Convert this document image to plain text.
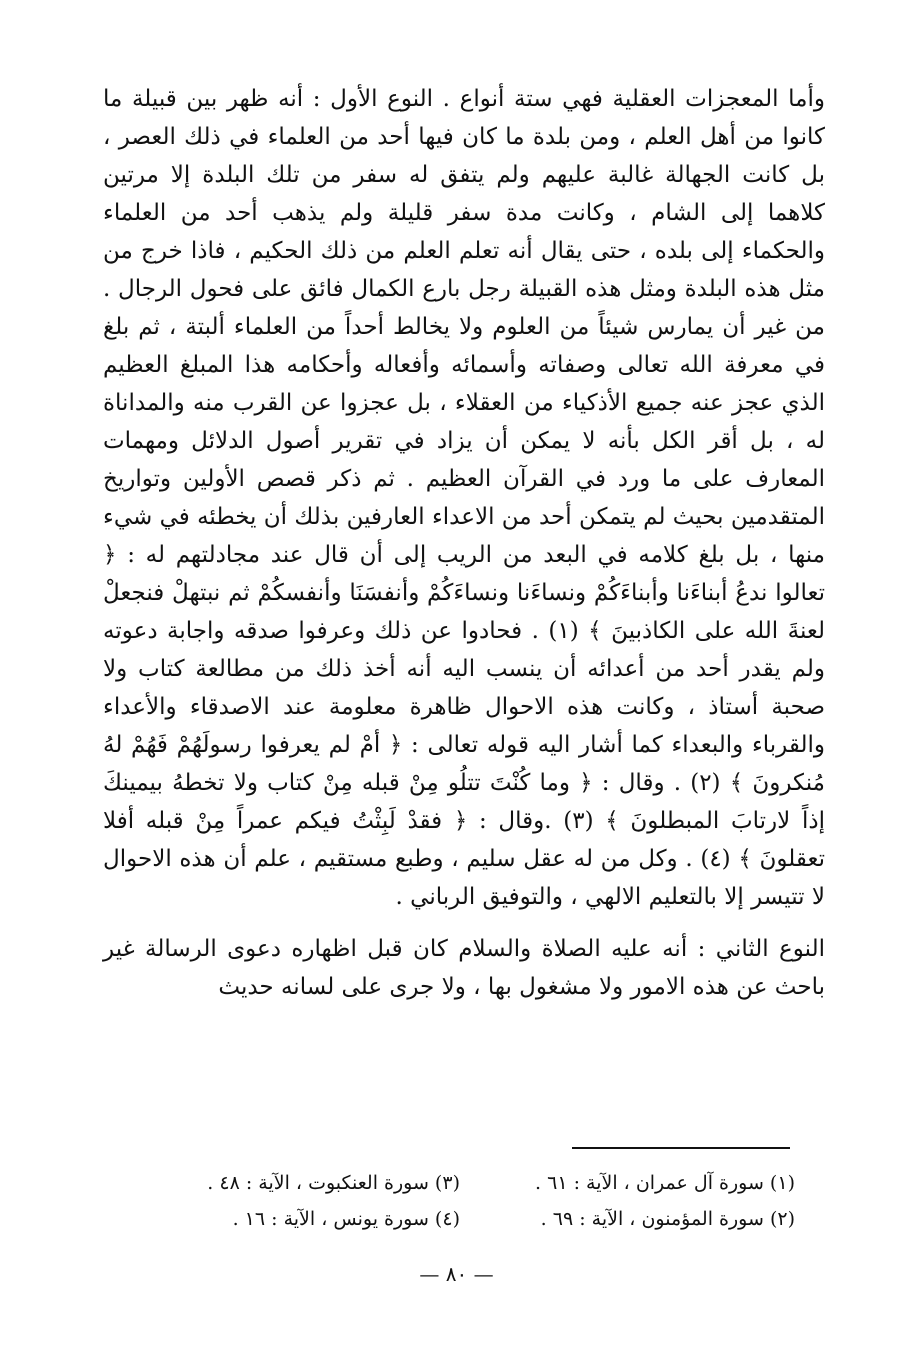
وأما المعجزات العقلية فهي ستة أنواع . النوع الأول : أنه ظهر بين قبيلة ما كانوا من أهل العلم ، ومن بلدة ما كان فيها أحد من العلماء في ذلك العصر ، بل كانت الجهالة غالبة عليهم ولم يتفق له سفر من تلك البلدة إلا مرتين كلاهما إلى الشام ، وكانت مدة سفر قليلة ولم يذهب أحد من العلماء والحكماء إلى بلده ، حتى يقال أنه تعلم العلم من ذلك الحكيم ، فاذا خرج من مثل هذه البلدة ومثل هذه القبيلة رجل بارع الكمال فائق على فحول الرجال . من غير أن يمارس شيئاً من العلوم ولا يخالط أحداً من العلماء ألبتة ، ثم بلغ في معرفة الله تعالى وصفاته وأسمائه وأفعاله وأحكامه هذا المبلغ العظيم الذي عجز عنه جميع الأذكياء من العقلاء ، بل عجزوا عن القرب منه والمداناة له ، بل أقر الكل بأنه لا يمكن أن يزاد في تقرير أصول الدلائل ومهمات المعارف على ما ورد في القرآن العظيم . ثم ذكر قصص الأولين وتواريخ المتقدمين بحيث لم يتمكن أحد من الاعداء العارفين بذلك أن يخطئه في شيء منها ، بل بلغ كلامه في البعد من الريب إلى أن قال عند مجادلتهم له : ﴿ تعالوا ندعُ أبناءَنا وأبناءَكُمْ ونساءَنا ونساءَكُمْ وأنفسَنَا وأنفسكُمْ ثم نبتهلْ فنجعلْ لعنةَ الله على الكاذبينَ ﴾ (١) . فحادوا عن ذلك وعرفوا صدقه واجابة دعوته ولم يقدر أحد من أعدائه أن ينسب اليه أنه أخذ ذلك من مطالعة كتاب ولا صحبة أستاذ ، وكانت هذه الاحوال ظاهرة معلومة عند الاصدقاء والأعداء والقرباء والبعداء كما أشار اليه قوله تعالى : ﴿ أمْ لم يعرفوا رسولَهُمْ فَهُمْ لهُ مُنكرونَ ﴾ (٢) . وقال : ﴿ وما كُنْتَ تتلُو مِنْ قبله مِنْ كتاب ولا تخطهُ بيمينكَ إذاً لارتابَ المبطلونَ ﴾ (٣) .وقال : ﴿ فقدْ لَبِثْتُ فيكم عمراً مِنْ قبله أفلا تعقلونَ ﴾ (٤) . وكل من له عقل سليم ، وطبع مستقيم ، علم أن هذه الاحوال لا تتيسر إلا بالتعليم الالهي ، والتوفيق الرباني .

النوع الثاني : أنه عليه الصلاة والسلام كان قبل اظهاره دعوى الرسالة غير باحث عن هذه الامور ولا مشغول بها ، ولا جرى على لسانه حديث

(١) سورة آل عمران ، الآية : ٦١ .
(٣) سورة العنكبوت ، الآية : ٤٨ .
(٢) سورة المؤمنون ، الآية : ٦٩ .
(٤) سورة يونس ، الآية : ١٦ .
— ٨٠ —
